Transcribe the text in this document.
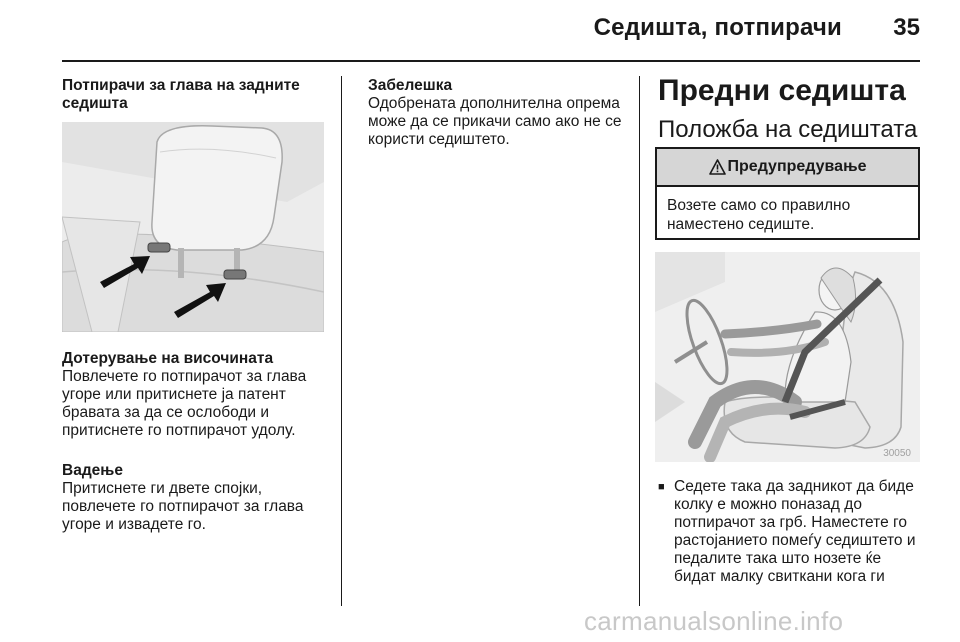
Седишта, потпирачи 35
Потпирачи за глава на задните седишта
Дотерување на височината
Повлечете го потпирачот за глава угоре или притиснете ја патент бравата за да се ослободи и притиснете го потпирачот удолу.
Вадење
Притиснете ги двете спојки, повлечете го потпирачот за глава угоре и извадете го.
Забелешка
Одобрената дополнителна опрема може да се прикачи само ако не се користи седиштето.
Предни седишта
Положба на седиштата
Предупредување
Возете само со правилно наместено седиште.
30050
■ Седете така да задникот да биде колку е можно поназад до потпирачот за грб. Наместете го растојанието помеѓу седиштето и педалите така што нозете ќе бидат малку свиткани кога ги
carmanualsonline.info
